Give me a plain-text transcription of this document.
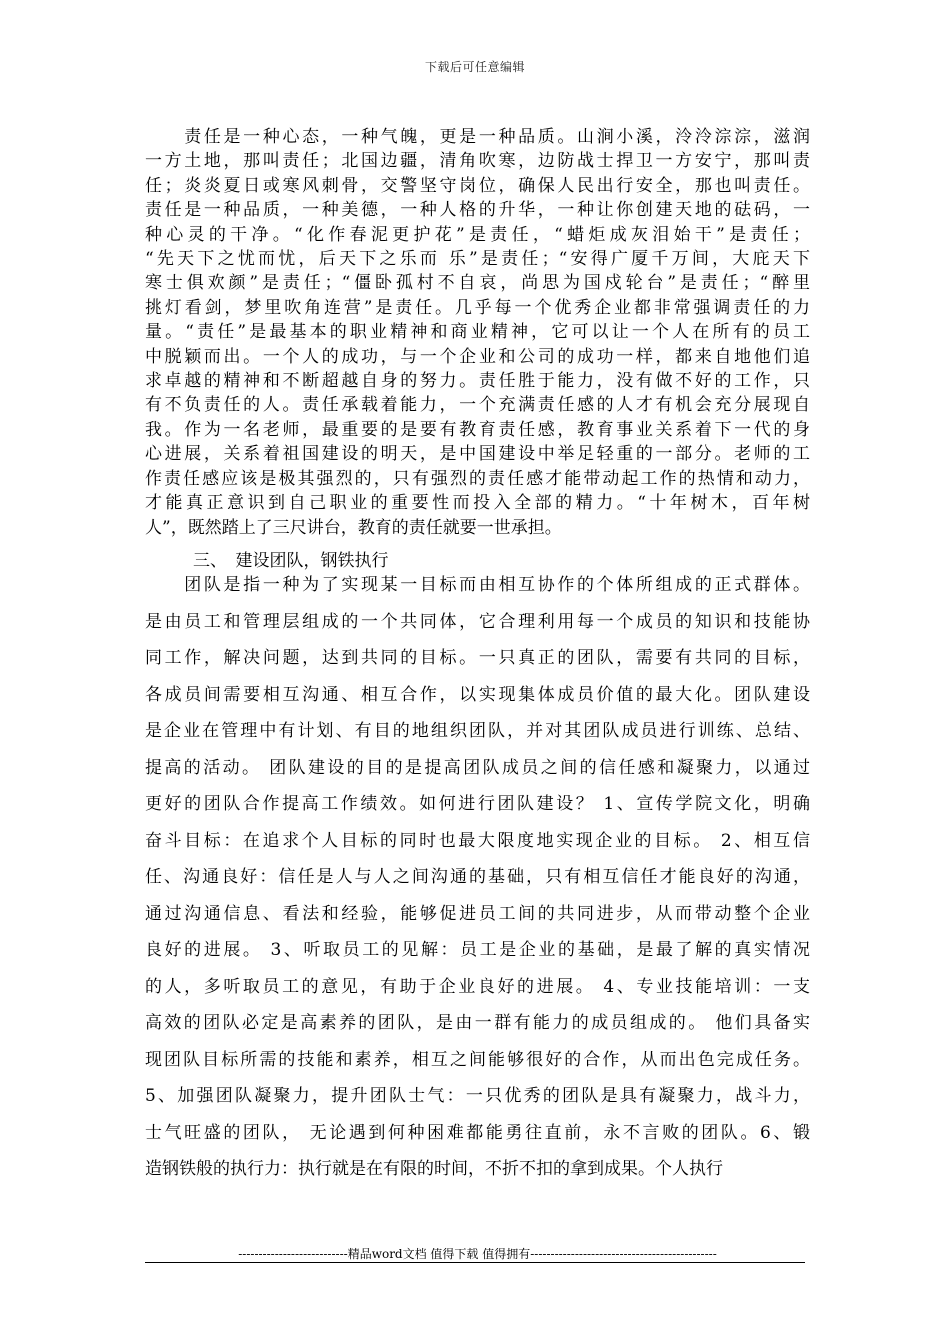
下载后可任意编辑
　　责任是一种心态，一种气魄，更是一种品质。山涧小溪，泠泠淙淙，滋润
一方土地，那叫责任；北国边疆，清角吹寒，边防战士捍卫一方安宁，那叫责
任；炎炎夏日或寒风刺骨，交警坚守岗位，确保人民出行安全，那也叫责任。
责任是一种品质，一种美德，一种人格的升华，一种让你创建天地的砝码，一
种心灵的干净。“化作春泥更护花”是责任，“蜡炬成灰泪始干”是责任；
“先天下之忧而忧，后天下之乐而 乐”是责任；“安得广厦千万间，大庇天下
寒士俱欢颜”是责任；“僵卧孤村不自哀，尚思为国戍轮台”是责任；“醉里
挑灯看剑，梦里吹角连营”是责任。几乎每一个优秀企业都非常强调责任的力
量。“责任”是最基本的职业精神和商业精神，它可以让一个人在所有的员工
中脱颖而出。一个人的成功，与一个企业和公司的成功一样，都来自地他们追
求卓越的精神和不断超越自身的努力。责任胜于能力，没有做不好的工作，只
有不负责任的人。责任承载着能力，一个充满责任感的人才有机会充分展现自
我。作为一名老师，最重要的是要有教育责任感，教育事业关系着下一代的身
心进展，关系着祖国建设的明天，是中国建设中举足轻重的一部分。老师的工
作责任感应该是极其强烈的，只有强烈的责任感才能带动起工作的热情和动力，
才能真正意识到自己职业的重要性而投入全部的精力。“十年树木，百年树
人”，既然踏上了三尺讲台，教育的责任就要一世承担。
三、　建设团队，钢铁执行
　　团队是指一种为了实现某一目标而由相互协作的个体所组成的正式群体。
是由员工和管理层组成的一个共同体，它合理利用每一个成员的知识和技能协
同工作，解决问题，达到共同的目标。一只真正的团队，需要有共同的目标，
各成员间需要相互沟通、相互合作，以实现集体成员价值的最大化。团队建设
是企业在管理中有计划、有目的地组织团队，并对其团队成员进行训练、总结、
提高的活动。 团队建设的目的是提高团队成员之间的信任感和凝聚力，以通过
更好的团队合作提高工作绩效。如何进行团队建设？ 1、宣传学院文化，明确
奋斗目标：在追求个人目标的同时也最大限度地实现企业的目标。 2、相互信
任、沟通良好：信任是人与人之间沟通的基础，只有相互信任才能良好的沟通，
通过沟通信息、看法和经验，能够促进员工间的共同进步，从而带动整个企业
良好的进展。 3、听取员工的见解：员工是企业的基础，是最了解的真实情况
的人，多听取员工的意见，有助于企业良好的进展。 4、专业技能培训：一支
高效的团队必定是高素养的团队，是由一群有能力的成员组成的。 他们具备实
现团队目标所需的技能和素养，相互之间能够很好的合作，从而出色完成任务。
5、加强团队凝聚力，提升团队士气：一只优秀的团队是具有凝聚力，战斗力，
士气旺盛的团队， 无论遇到何种困难都能勇往直前，永不言败的团队。6、锻
造钢铁般的执行力：执行就是在有限的时间，不折不扣的拿到成果。个人执行
---------------------------精品word文档 值得下载 值得拥有----------------------------------------------
